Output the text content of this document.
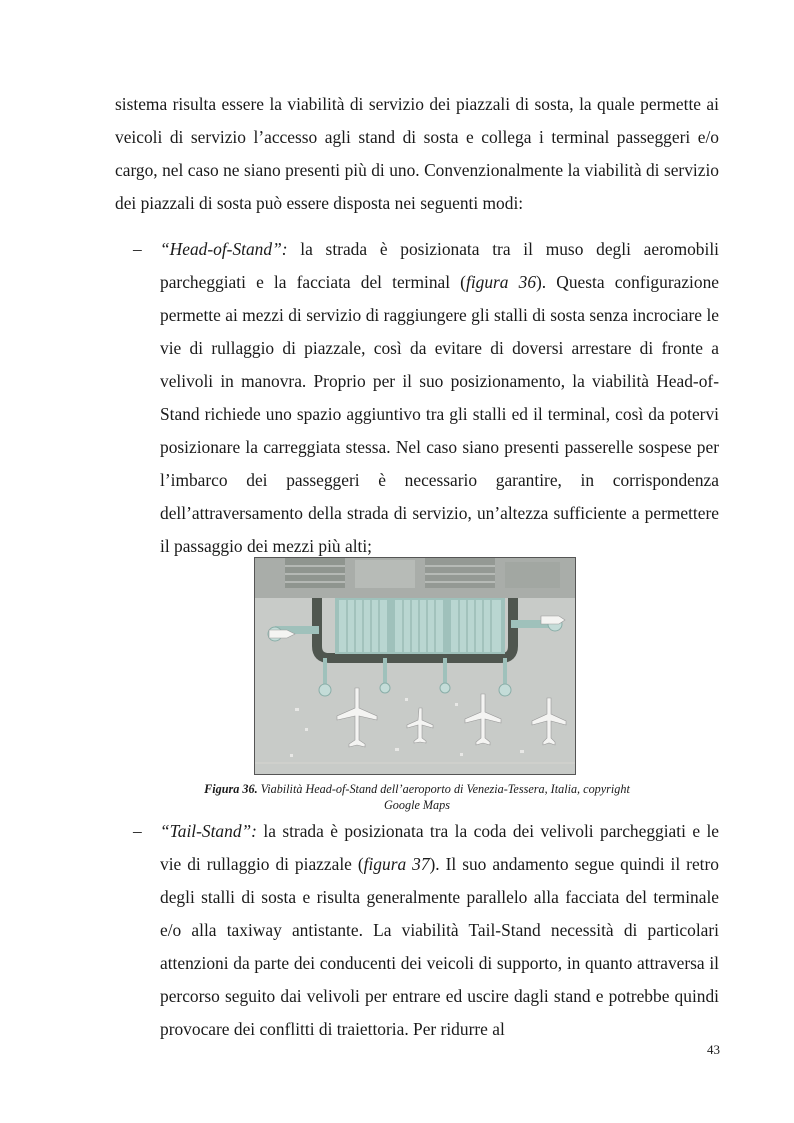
sistema risulta essere la viabilità di servizio dei piazzali di sosta, la quale permette ai veicoli di servizio l’accesso agli stand di sosta e collega i terminal passeggeri e/o cargo, nel caso ne siano presenti più di uno. Convenzionalmente la viabilità di servizio dei piazzali di sosta può essere disposta nei seguenti modi:

– “Head-of-Stand”: la strada è posizionata tra il muso degli aeromobili parcheggiati e la facciata del terminal (figura 36). Questa configurazione permette ai mezzi di servizio di raggiungere gli stalli di sosta senza incrociare le vie di rullaggio di piazzale, così da evitare di doversi arrestare di fronte a velivoli in manovra. Proprio per il suo posizionamento, la viabilità Head-of-Stand richiede uno spazio aggiuntivo tra gli stalli ed il terminal, così da potervi posizionare la carreggiata stessa. Nel caso siano presenti passerelle sospese per l’imbarco dei passeggeri è necessario garantire, in corrispondenza dell’attraversamento della strada di servizio, un’altezza sufficiente a permettere il passaggio dei mezzi più alti;

Figura 36. Viabilità Head-of-Stand dell’aeroporto di Venezia-Tessera, Italia, copyright Google Maps
– “Tail-Stand”: la strada è posizionata tra la coda dei velivoli parcheggiati e le vie di rullaggio di piazzale (figura 37). Il suo andamento segue quindi il retro degli stalli di sosta e risulta generalmente parallelo alla facciata del terminale e/o alla taxiway antistante. La viabilità Tail-Stand necessità di particolari attenzioni da parte dei conducenti dei veicoli di supporto, in quanto attraversa il percorso seguito dai velivoli per entrare ed uscire dagli stand e potrebbe quindi provocare dei conflitti di traiettoria. Per ridurre al

43
